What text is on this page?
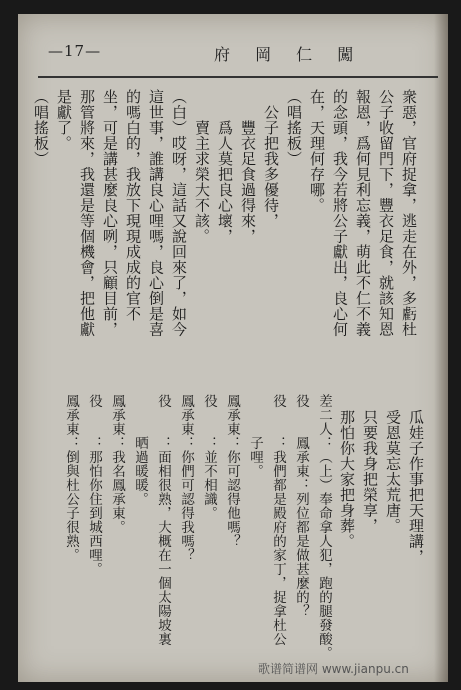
—17—	府 岡 仁 闖
衆惡，官府捉拿，逃走在外，多虧杜
公子收留門下，豐衣足食，就該知恩
報恩，爲何見利忘義，萌此不仁不義
的念頭，我今若將公子獻出，良心何
在，天理何存哪。
（唱搖板）
　公子把我多優待，
　　豐衣足食過得來，
　　爲人莫把良心壞，
　　賣主求榮大不該。
（白）哎呀，這話又說回來了，如今
這世事，誰講良心哩嗎，良心倒是喜
的嗎白的，我放下現現成成的官不
坐，可是講甚麼良心咧，只顧目前，
那管將來，我還是等個機會，把他獻
是獻了。
（唱搖板）
　瓜娃子作事把天理講，
　受恩莫忘太荒唐。
　只要我身把榮享，
　那怕你大家把身葬。
差二人：（上）奉命拿人犯，跑的腿發酸。
役　　鳳承東：列位都是做甚麼的？
役　　：我們都是殿府的家丁，捉拿杜公
　　　子哩。
鳳承東：你可認得他嗎？
役　　：並不相識。
鳳承東：你們可認得我嗎？
役　　：面相很熟，大概在一個太陽坡裏
　　　晒過暖暖。
鳳承東：我名鳳承東。
役　　：那怕你住到城西哩。
鳳承東：倒與杜公子很熟。
歌谱简谱网 www.jianpu.cn
